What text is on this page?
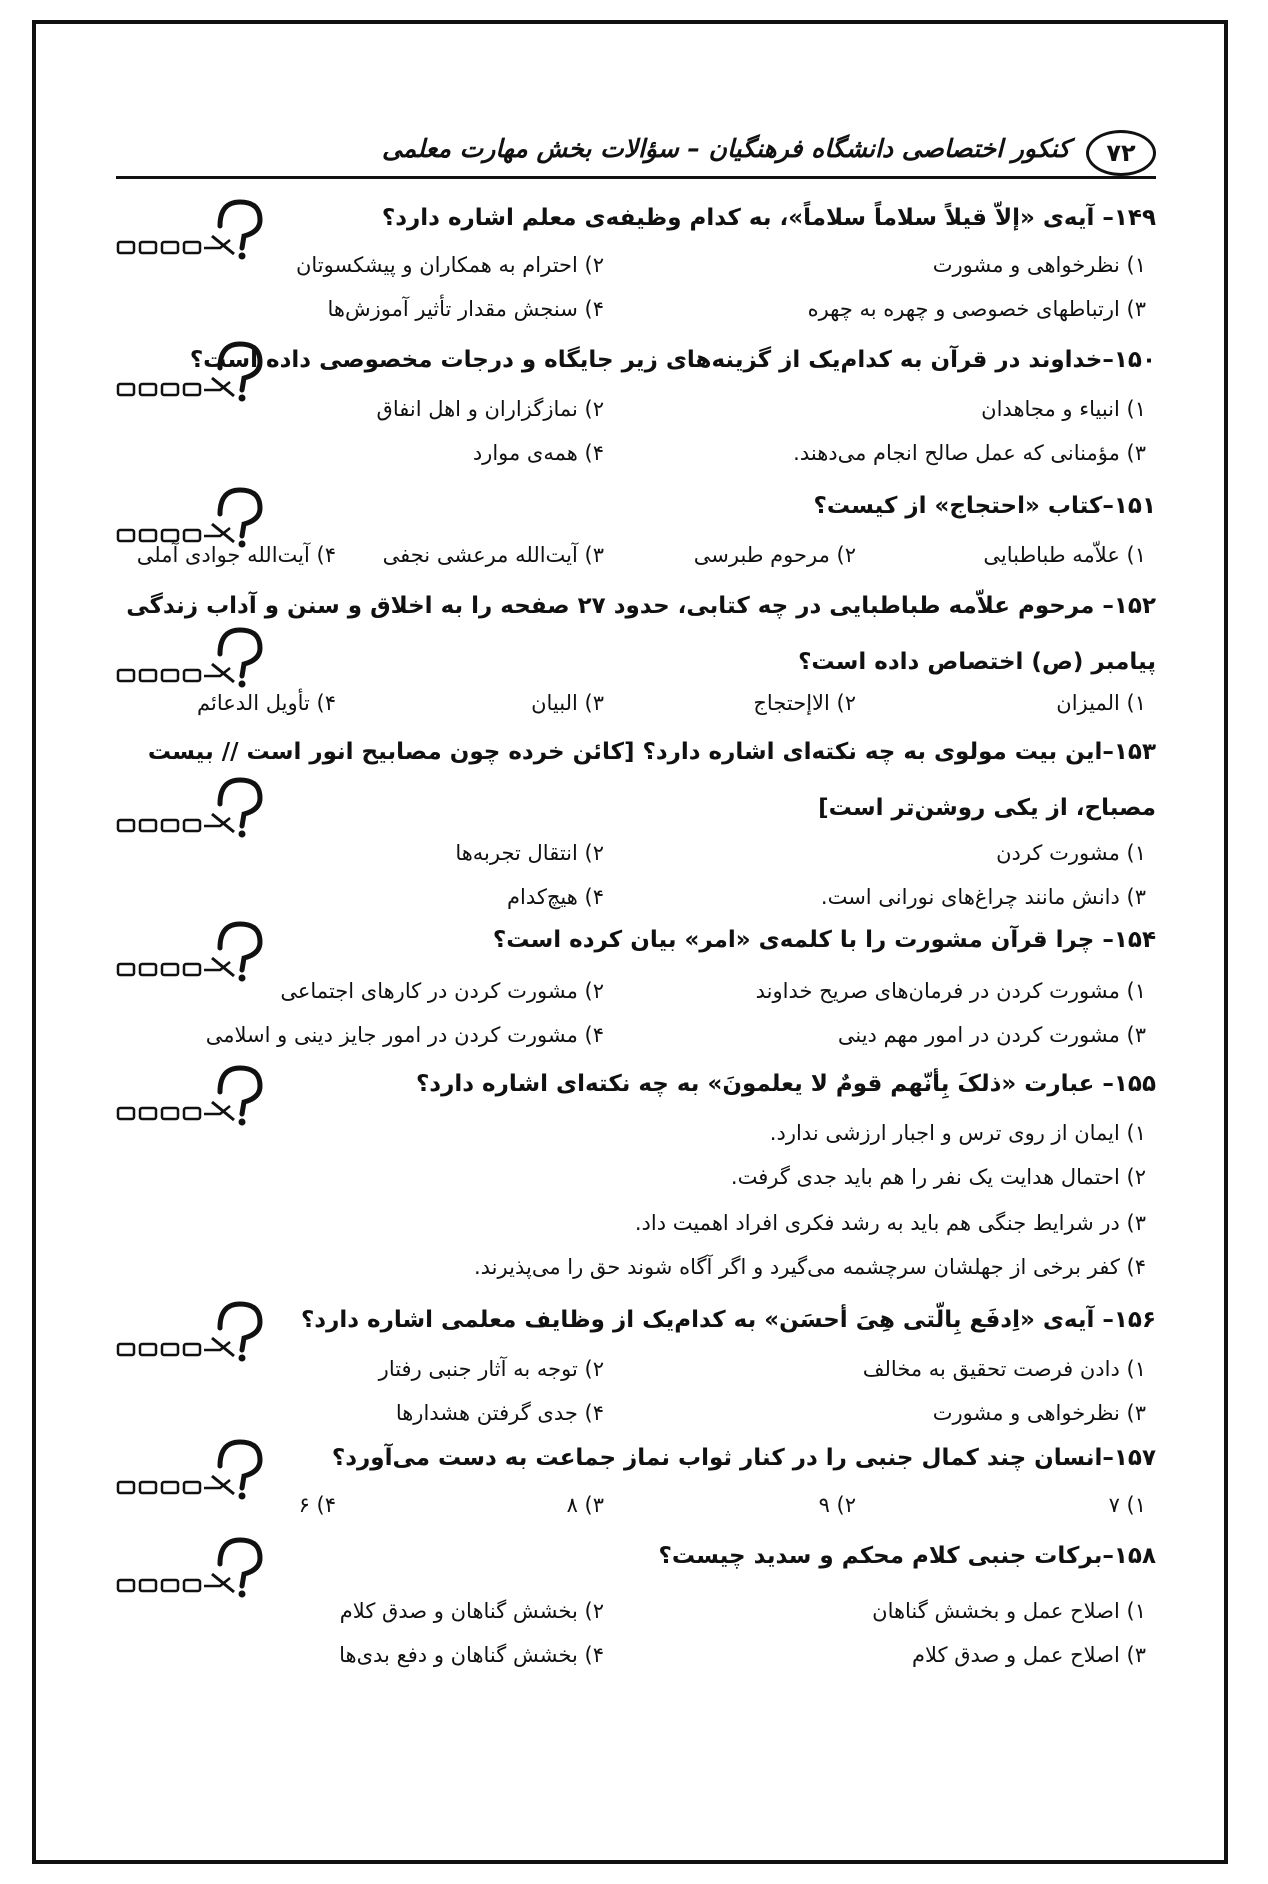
۷۲
کنکور اختصاصی دانشگاه فرهنگیان – سؤالات بخش مهارت معلمی
۱۴۹– آیه‌ی «إلاّ قیلاً سلاماً سلاماً»، به کدام وظیفه‌ی معلم اشاره دارد؟
۱) نظرخواهی و مشورت
۲) احترام به همکاران و پیشکسوتان
۳) ارتباطهای خصوصی و چهره به چهره
۴) سنجش مقدار تأثیر آموزش‌ها
۱۵۰–خداوند در قرآن به کدام‌یک از گزینه‌های زیر جایگاه و درجات مخصوصی داده است؟
۱) انبیاء و مجاهدان
۲) نمازگزاران و اهل انفاق
۳) مؤمنانی که عمل صالح انجام می‌دهند.
۴) همه‌ی موارد
۱۵۱–کتاب «احتجاج» از کیست؟
۱) علاّمه طباطبایی
۲) مرحوم طبرسی
۳) آیت‌الله مرعشی نجفی
۴) آیت‌الله جوادی آملی
۱۵۲– مرحوم علاّمه طباطبایی در چه کتابی، حدود ۲۷ صفحه را به اخلاق و سنن و آداب زندگی پیامبر (ص) اختصاص داده است؟
۱) المیزان
۲) الاإحتجاج
۳) البیان
۴) تأویل الدعائم
۱۵۳–این بیت مولوی به چه نکته‌ای اشاره دارد؟ [کائن خرده چون مصابیح انور است // بیست مصباح، از یکی روشن‌تر است]
۱) مشورت کردن
۲) انتقال تجربه‌ها
۳) دانش مانند چراغ‌های نورانی است.
۴) هیچ‌کدام
۱۵۴– چرا قرآن مشورت را با کلمه‌ی «امر» بیان کرده است؟
۱) مشورت کردن در فرمان‌های صریح خداوند
۲) مشورت کردن در کارهای اجتماعی
۳) مشورت کردن در امور مهم دینی
۴) مشورت کردن در امور جایز دینی و اسلامی
۱۵۵– عبارت «ذلکَ بِأنّهم قومٌ لا یعلمونَ» به چه نکته‌ای اشاره دارد؟
۱) ایمان از روی ترس و اجبار ارزشی ندارد.
۲) احتمال هدایت یک نفر را هم باید جدی گرفت.
۳) در شرایط جنگی هم باید به رشد فکری افراد اهمیت داد.
۴) کفر برخی از جهلشان سرچشمه می‌گیرد و اگر آگاه شوند حق را می‌پذیرند.
۱۵۶– آیه‌ی «اِدفَع بِالّتی هِیَ أحسَن» به کدام‌یک از وظایف معلمی اشاره دارد؟
۱) دادن فرصت تحقیق به مخالف
۲) توجه به آثار جنبی رفتار
۳) نظرخواهی و مشورت
۴) جدی گرفتن هشدارها
۱۵۷–انسان چند کمال جنبی را در کنار ثواب نماز جماعت به دست می‌آورد؟
۱) ۷
۲) ۹
۳) ۸
۴) ۶
۱۵۸–برکات جنبی کلام محکم و سدید چیست؟
۱) اصلاح عمل و بخشش گناهان
۲) بخشش گناهان و صدق کلام
۳) اصلاح عمل و صدق کلام
۴) بخشش گناهان و دفع بدی‌ها
